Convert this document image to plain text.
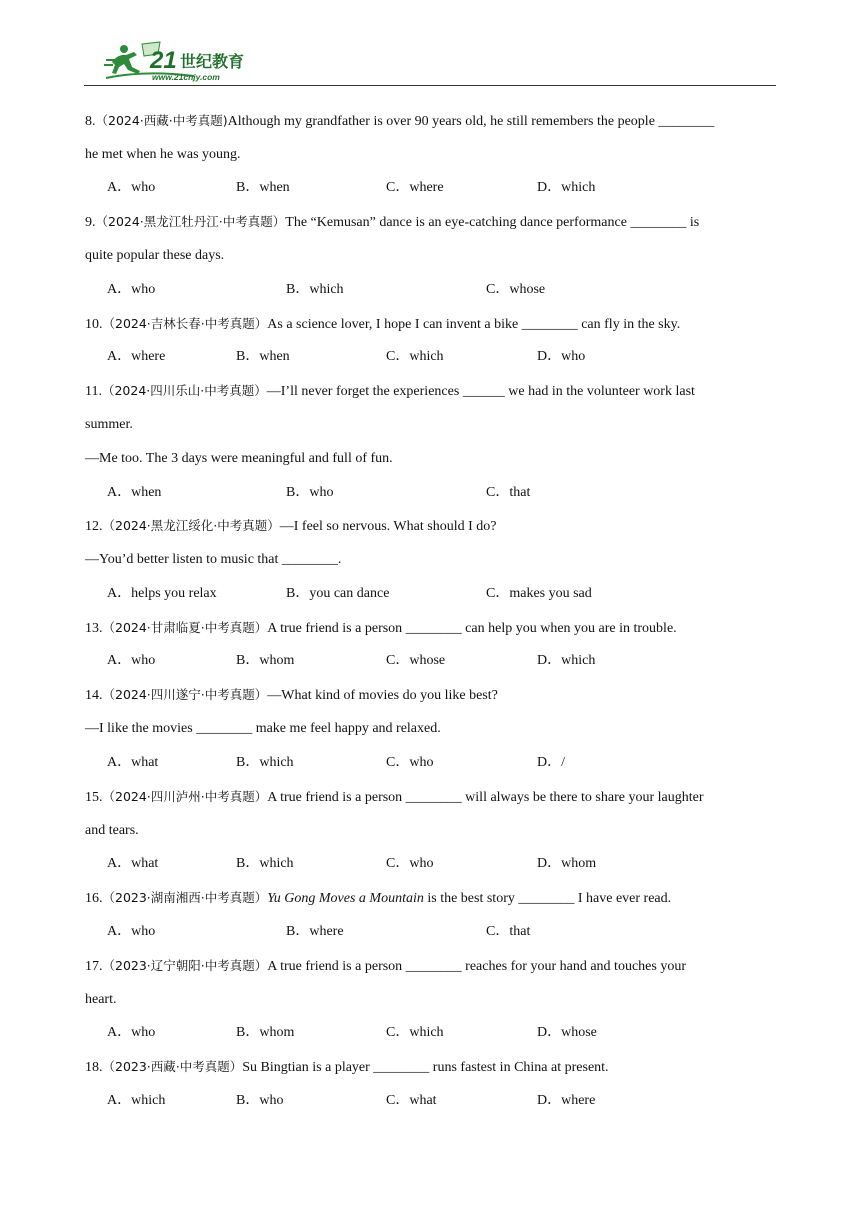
21 世纪教育
www.21cnjy.com
8.（2024·西藏·中考真题)Although my grandfather is over 90 years old, he still remembers the people ________
he met when he was young.
A．who	B．when	C．where	D．which
9.（2024·黑龙江牡丹江·中考真题）The “Kemusan” dance is an eye-catching dance performance ________ is
quite popular these days.
A．who	B．which	C．whose
10.（2024·吉林长春·中考真题）As a science lover, I hope I can invent a bike ________ can fly in the sky.
A．where	B．when	C．which	D．who
11.（2024·四川乐山·中考真题）—I’ll never forget the experiences ______ we had in the volunteer work last
summer.
—Me too. The 3 days were meaningful and full of fun.
A．when	B．who	C．that
12.（2024·黑龙江绥化·中考真题）—I feel so nervous. What should I do?
—You’d better listen to music that ________.
A．helps you relax	B．you can dance	C．makes you sad
13.（2024·甘肃临夏·中考真题）A true friend is a person ________ can help you when you are in trouble.
A．who	B．whom	C．whose	D．which
14.（2024·四川遂宁·中考真题）—What kind of movies do you like best?
—I like the movies ________ make me feel happy and relaxed.
A．what	B．which	C．who	D．/
15.（2024·四川泸州·中考真题）A true friend is a person ________ will always be there to share your laughter
and tears.
A．what	B．which	C．who	D．whom
16.（2023·湖南湘西·中考真题）Yu Gong Moves a Mountain is the best story ________ I have ever read.
A．who	B．where	C．that
17.（2023·辽宁朝阳·中考真题）A true friend is a person ________ reaches for your hand and touches your
heart.
A．who	B．whom	C．which	D．whose
18.（2023·西藏·中考真题）Su Bingtian is a player ________ runs fastest in China at present.
A．which	B．who	C．what	D．where
